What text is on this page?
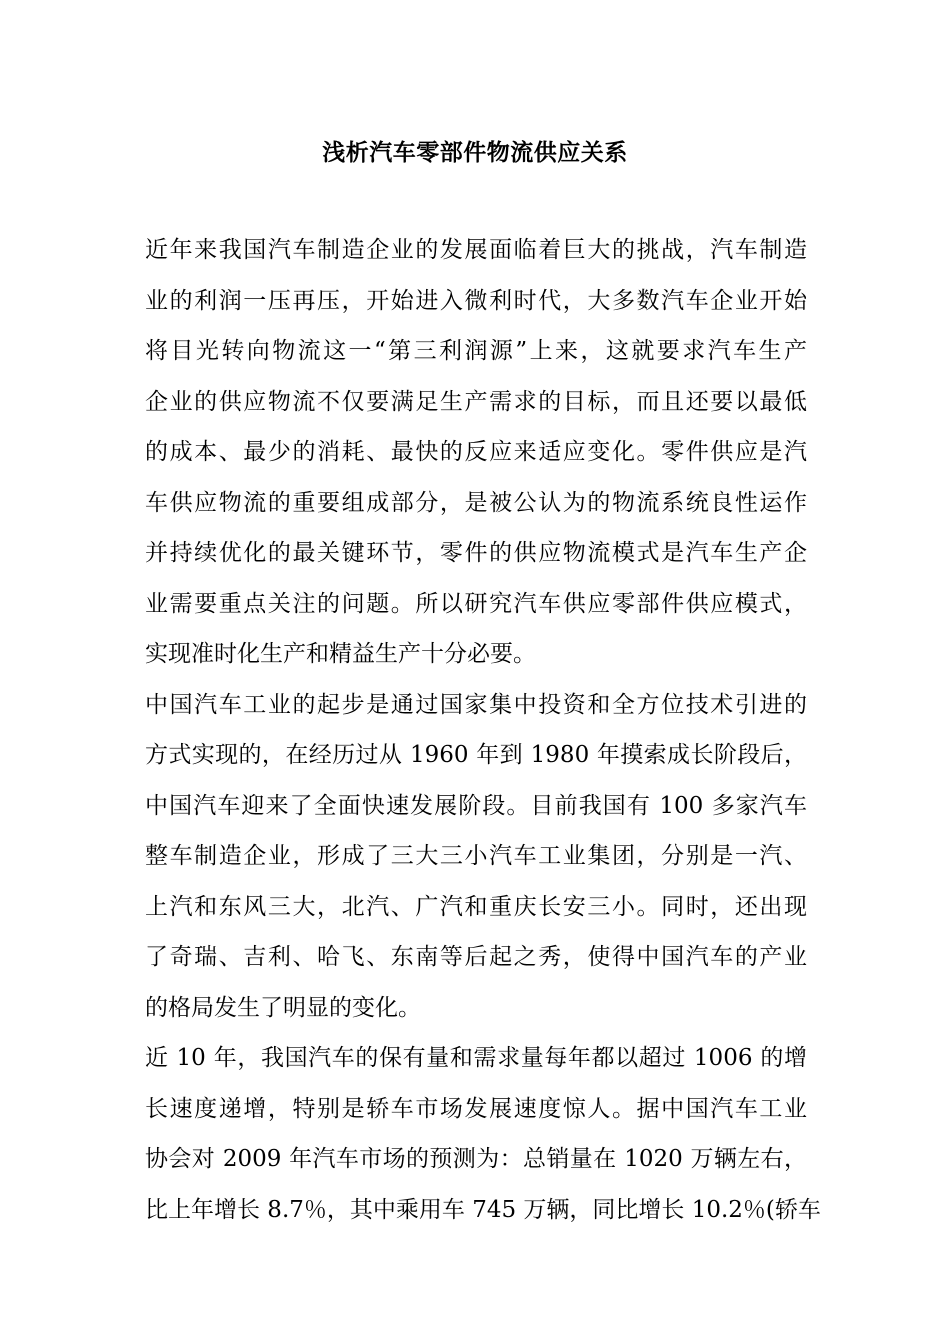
浅析汽车零部件物流供应关系
近年来我国汽车制造企业的发展面临着巨大的挑战，汽车制造
业的利润一压再压，开始进入微利时代，大多数汽车企业开始
将目光转向物流这一“第三利润源”上来，这就要求汽车生产
企业的供应物流不仅要满足生产需求的目标，而且还要以最低
的成本、最少的消耗、最快的反应来适应变化。零件供应是汽
车供应物流的重要组成部分，是被公认为的物流系统良性运作
并持续优化的最关键环节，零件的供应物流模式是汽车生产企
业需要重点关注的问题。所以研究汽车供应零部件供应模式，
实现准时化生产和精益生产十分必要。
中国汽车工业的起步是通过国家集中投资和全方位技术引进的
方式实现的，在经历过从 1960 年到 1980 年摸索成长阶段后，
中国汽车迎来了全面快速发展阶段。目前我国有 100 多家汽车
整车制造企业，形成了三大三小汽车工业集团，分别是一汽、
上汽和东风三大，北汽、广汽和重庆长安三小。同时，还出现
了奇瑞、吉利、哈飞、东南等后起之秀，使得中国汽车的产业
的格局发生了明显的变化。
近 10 年，我国汽车的保有量和需求量每年都以超过 1006 的增
长速度递增，特别是轿车市场发展速度惊人。据中国汽车工业
协会对 2009 年汽车市场的预测为：总销量在 1020 万辆左右，
比上年增长 8.7％，其中乘用车 745 万辆，同比增长 10.2％(轿车
